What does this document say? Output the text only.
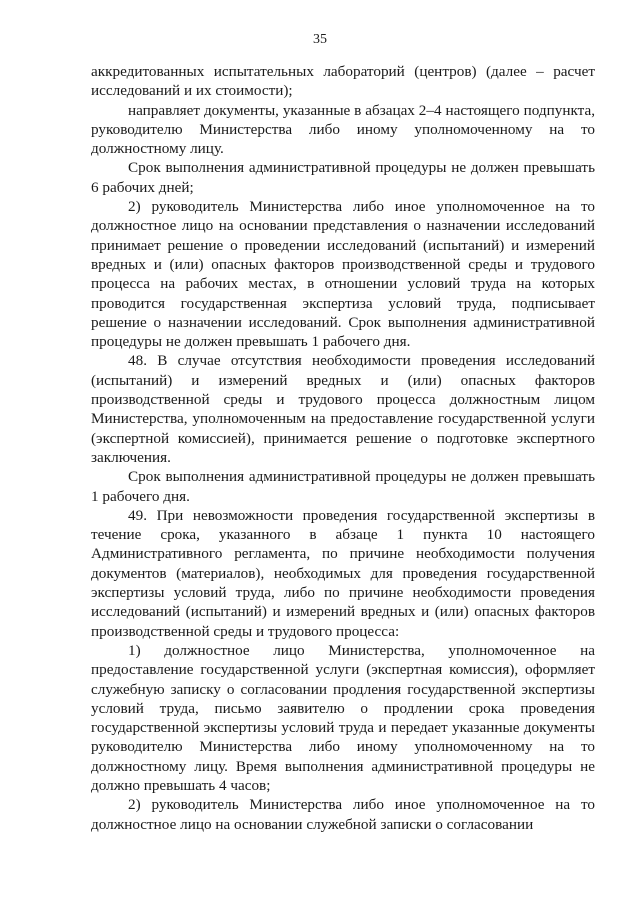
35

аккредитованных испытательных лабораторий (центров) (далее – расчет исследований и их стоимости);

направляет документы, указанные в абзацах 2–4 настоящего подпункта, руководителю Министерства либо иному уполномоченному на то должностному лицу.

Срок выполнения административной процедуры не должен превышать 6 рабочих дней;

2) руководитель Министерства либо иное уполномоченное на то должностное лицо на основании представления о назначении исследований принимает решение о проведении исследований (испытаний) и измерений вредных и (или) опасных факторов производственной среды и трудового процесса на рабочих местах, в отношении условий труда на которых проводится государственная экспертиза условий труда, подписывает решение о назначении исследований. Срок выполнения административной процедуры не должен превышать 1 рабочего дня.

48. В случае отсутствия необходимости проведения исследований (испытаний) и измерений вредных и (или) опасных факторов производственной среды и трудового процесса должностным лицом Министерства, уполномоченным на предоставление государственной услуги (экспертной комиссией), принимается решение о подготовке экспертного заключения.

Срок выполнения административной процедуры не должен превышать 1 рабочего дня.

49. При невозможности проведения государственной экспертизы в течение срока, указанного в абзаце 1 пункта 10 настоящего Административного регламента, по причине необходимости получения документов (материалов), необходимых для проведения государственной экспертизы условий труда, либо по причине необходимости проведения исследований (испытаний) и измерений вредных и (или) опасных факторов производственной среды и трудового процесса:

1) должностное лицо Министерства, уполномоченное на предоставление государственной услуги (экспертная комиссия), оформляет служебную записку о согласовании продления государственной экспертизы условий труда, письмо заявителю о продлении срока проведения государственной экспертизы условий труда и передает указанные документы руководителю Министерства либо иному уполномоченному на то должностному лицу. Время выполнения административной процедуры не должно превышать 4 часов;

2) руководитель Министерства либо иное уполномоченное на то должностное лицо на основании служебной записки о согласовании
